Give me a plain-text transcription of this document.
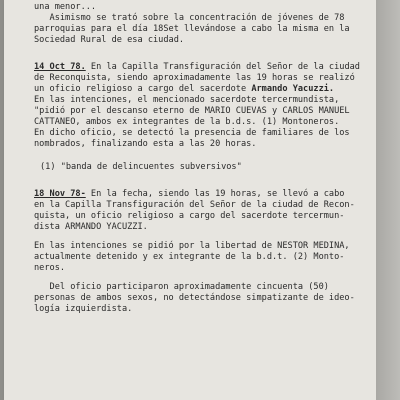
una menor...
Asimismo se trató sobre la concentración de jóvenes de 78
parroquias para el día 18Set llevándose a cabo la misma en la
Sociedad Rural de esa ciudad.
14 Oct 78. En la Capilla Transfiguración del Señor de la ciudad
de Reconquista, siendo aproximadamente las 19 horas se realizó
un oficio religioso a cargo del sacerdote Armando Yacuzzi.
En las intenciones, el mencionado sacerdote tercermundista,
"pidió por el descanso eterno de MARIO CUEVAS y CARLOS MANUEL
CATTANEO, ambos ex integrantes de la b.d.s. (1) Montoneros.
En dicho oficio, se detectó la presencia de familiares de los
nombrados, finalizando esta a las 20 horas.
(1) "banda de delincuentes subversivos"
18 Nov 78- En la fecha, siendo las 19 horas, se llevó a cabo
en la Capilla Transfiguración del Señor de la ciudad de Recon-
quista, un oficio religioso a cargo del sacerdote tercermun-
dista ARMANDO YACUZZI.
En las intenciones se pidió por la libertad de NESTOR MEDINA,
actualmente detenido y ex integrante de la b.d.t. (2) Monto-
neros.
Del oficio participaron aproximadamente cincuenta (50)
personas de ambos sexos, no detectándose simpatizante de ideo-
logía izquierdista.
